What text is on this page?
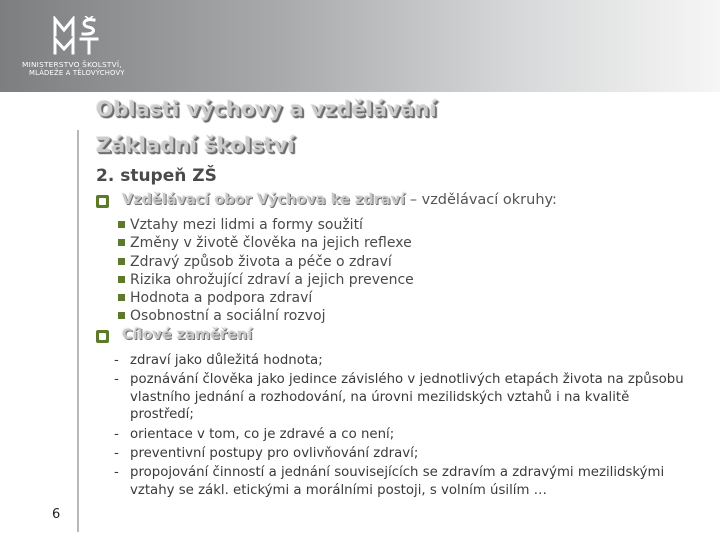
MINISTERSTVO ŠKOLSTVÍ,
MLÁDEŽE A TĚLOVÝCHOVY
Oblasti výchovy a vzdělávání
Základní školství
2. stupeň ZŠ
Vzdělávací obor Výchova ke zdraví – vzdělávací okruhy:
Vztahy mezi lidmi a formy soužití
Změny v životě člověka na jejich reflexe
Zdravý způsob života a péče o zdraví
Rizika ohrožující zdraví a jejich prevence
Hodnota a podpora zdraví
Osobnostní a sociální rozvoj
Cílové zaměření
- zdraví jako důležitá hodnota;
- poznávání člověka jako jedince závislého v jednotlivých etapách života na způsobu vlastního jednání a rozhodování, na úrovni mezilidských vztahů i na kvalitě prostředí;
- orientace v tom, co je zdravé a co není;
- preventivní postupy pro ovlivňování zdraví;
- propojování činností a jednání souvisejících se zdravím a zdravými mezilidskými vztahy se zákl. etickými a morálními postoji, s volním úsilím …
6
